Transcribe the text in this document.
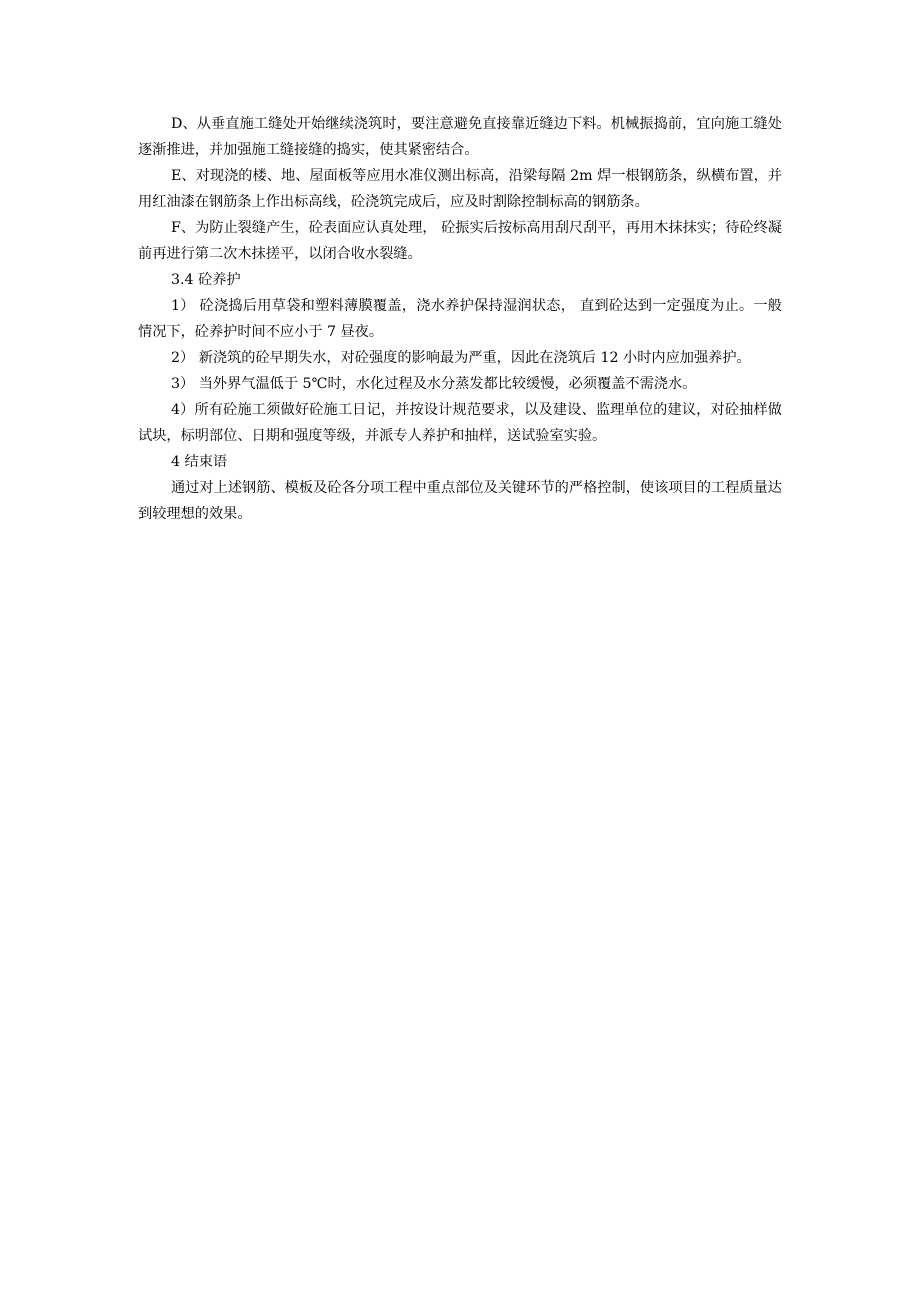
D、从垂直施工缝处开始继续浇筑时，要注意避免直接靠近缝边下料。机械振捣前，宜向施工缝处逐渐推进，并加强施工缝接缝的捣实，使其紧密结合。

E、对现浇的楼、地、屋面板等应用水准仪测出标高，沿梁每隔 2m 焊一根钢筋条，纵横布置，并用红油漆在钢筋条上作出标高线，砼浇筑完成后，应及时割除控制标高的钢筋条。

F、为防止裂缝产生，砼表面应认真处理， 砼振实后按标高用刮尺刮平，再用木抹抹实；待砼终凝前再进行第二次木抹搓平，以闭合收水裂缝。

3.4 砼养护

1） 砼浇捣后用草袋和塑料薄膜覆盖，浇水养护保持湿润状态， 直到砼达到一定强度为止。一般情况下，砼养护时间不应小于 7 昼夜。

2） 新浇筑的砼早期失水，对砼强度的影响最为严重，因此在浇筑后 12 小时内应加强养护。

3） 当外界气温低于 5℃时，水化过程及水分蒸发都比较缓慢，必须覆盖不需浇水。

4）所有砼施工须做好砼施工日记，并按设计规范要求，以及建设、监理单位的建议，对砼抽样做试块，标明部位、日期和强度等级，并派专人养护和抽样，送试验室实验。

4 结束语

通过对上述钢筋、模板及砼各分项工程中重点部位及关键环节的严格控制，使该项目的工程质量达到较理想的效果。
